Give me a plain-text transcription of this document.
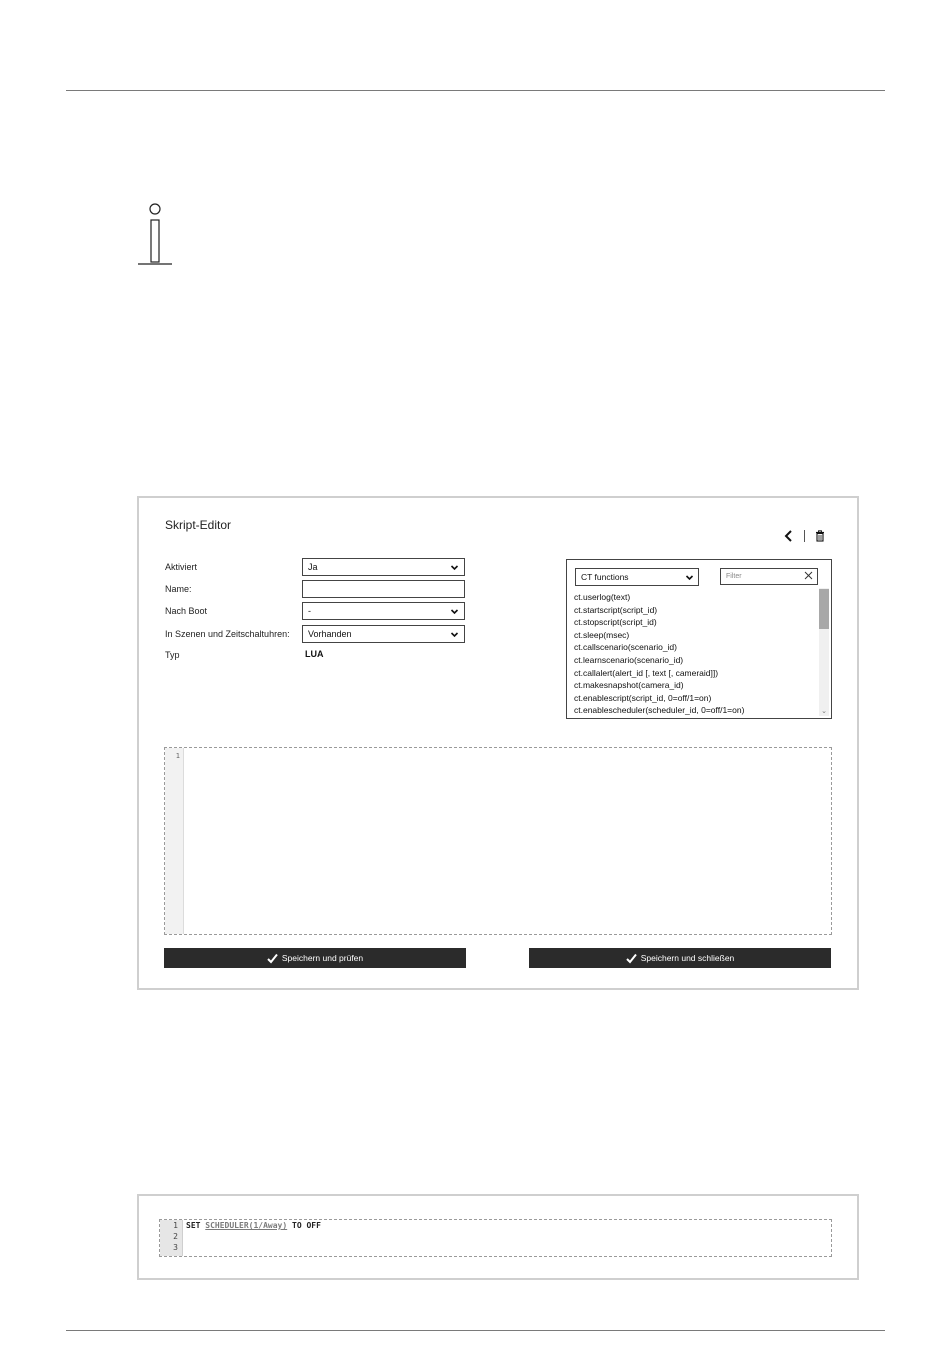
Skript-Editor
Aktiviert	Ja
Name:
Nach Boot	-
In Szenen und Zeitschaltuhren: Vorhanden
Typ	LUA
CT functions	Filter
ct.userlog(text)
ct.startscript(script_id)
ct.stopscript(script_id)
ct.sleep(msec)
ct.callscenario(scenario_id)
ct.learnscenario(scenario_id)
ct.callalert(alert_id [, text [, cameraid]])
ct.makesnapshot(camera_id)
ct.enablescript(script_id, 0=off/1=on)
ct.enablescheduler(scheduler_id, 0=off/1=on)	⌄
1
Speichern und prüfen	Speichern und schließen
1
2
3
SET SCHEDULER(1/Away) TO OFF
